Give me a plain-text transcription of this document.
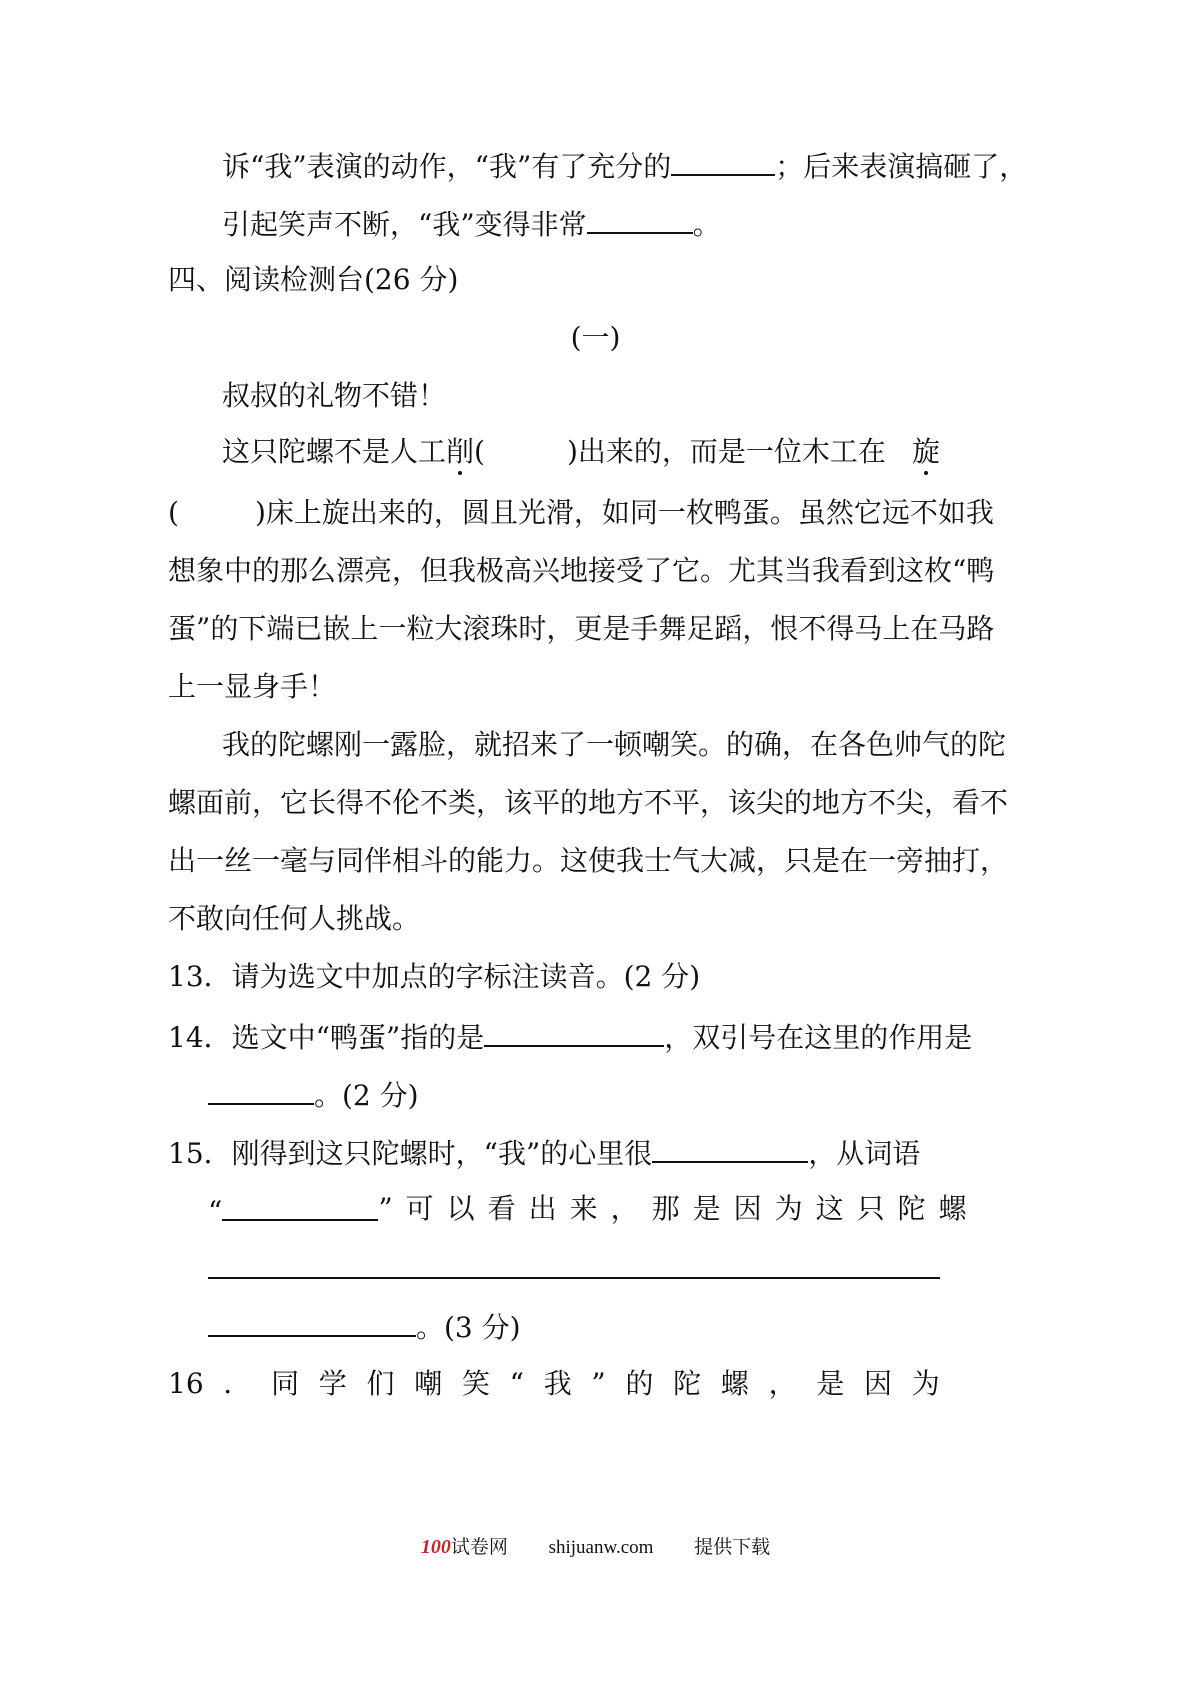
诉“我”表演的动作，“我”有了充分的	；后来表演搞砸了，
引起笑声不断，“我”变得非常	。
四、阅读检测台(26 分)
(一)
叔叔的礼物不错！
这只陀螺不是人工削(	)出来的，而是一位木工在 旋
(	)床上旋出来的，圆且光滑，如同一枚鸭蛋。虽然它远不如我
想象中的那么漂亮，但我极高兴地接受了它。尤其当我看到这枚“鸭
蛋”的下端已嵌上一粒大滚珠时，更是手舞足蹈，恨不得马上在马路
上一显身手！
我的陀螺刚一露脸，就招来了一顿嘲笑。的确，在各色帅气的陀
螺面前，它长得不伦不类，该平的地方不平，该尖的地方不尖，看不
出一丝一毫与同伴相斗的能力。这使我士气大减，只是在一旁抽打，
不敢向任何人挑战。
13．请为选文中加点的字标注读音。(2 分)
14．选文中“鸭蛋”指的是	，双引号在这里的作用是
。(2 分)
15．刚得到这只陀螺时，“我”的心里很	，从词语
“	”可以看出来，那是因为这只陀螺
。(3 分)
16 ． 同 学 们 嘲 笑 “ 我 ” 的 陀 螺 ， 是 因 为
100试卷网 shijuanw.com 提供下载
